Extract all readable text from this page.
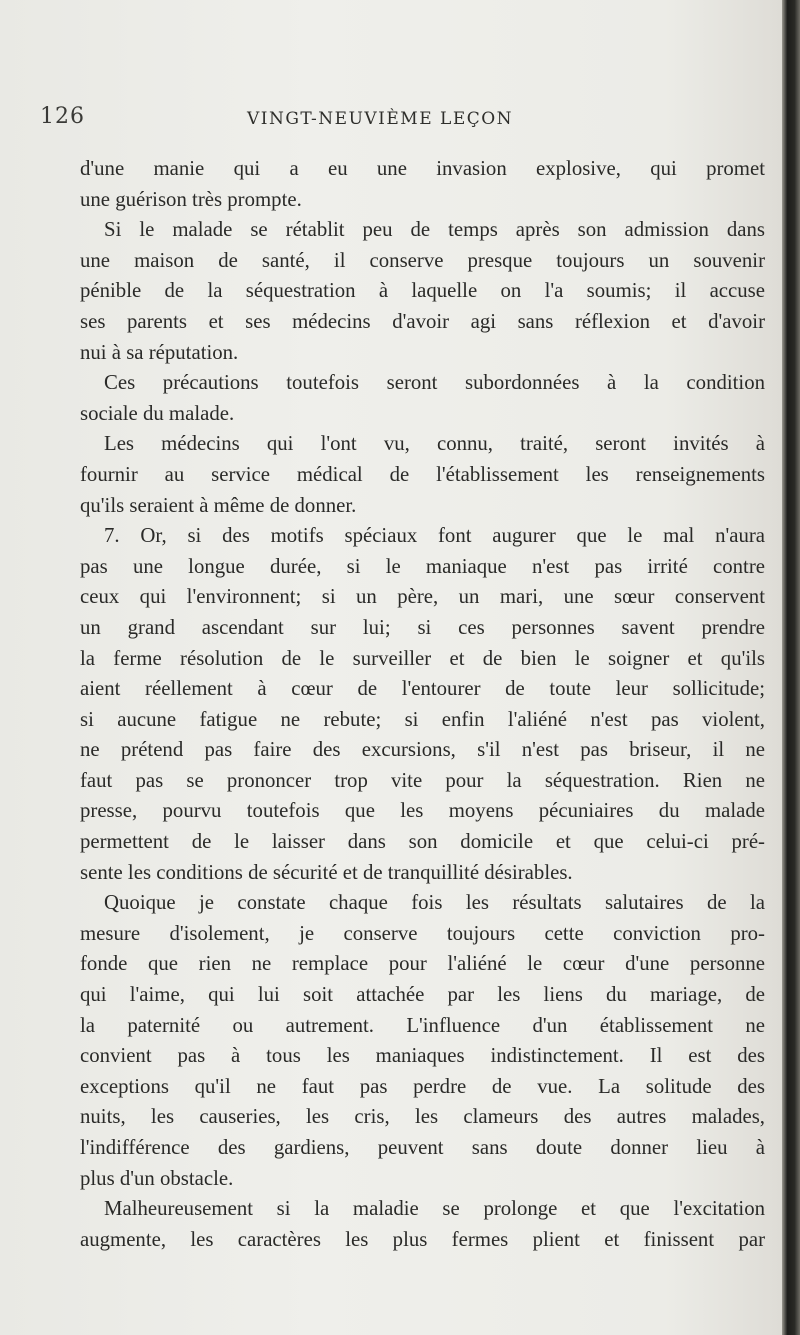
126	VINGT-NEUVIÈME LEÇON

d'une manie qui a eu une invasion explosive, qui promet
une guérison très prompte.

Si le malade se rétablit peu de temps après son admission dans
une maison de santé, il conserve presque toujours un souvenir
pénible de la séquestration à laquelle on l'a soumis; il accuse
ses parents et ses médecins d'avoir agi sans réflexion et d'avoir
nui à sa réputation.

Ces précautions toutefois seront subordonnées à la condition
sociale du malade.

Les médecins qui l'ont vu, connu, traité, seront invités à
fournir au service médical de l'établissement les renseignements
qu'ils seraient à même de donner.

7. Or, si des motifs spéciaux font augurer que le mal n'aura
pas une longue durée, si le maniaque n'est pas irrité contre
ceux qui l'environnent; si un père, un mari, une sœur conservent
un grand ascendant sur lui; si ces personnes savent prendre
la ferme résolution de le surveiller et de bien le soigner et qu'ils
aient réellement à cœur de l'entourer de toute leur sollicitude;
si aucune fatigue ne rebute; si enfin l'aliéné n'est pas violent,
ne prétend pas faire des excursions, s'il n'est pas briseur, il ne
faut pas se prononcer trop vite pour la séquestration. Rien ne
presse, pourvu toutefois que les moyens pécuniaires du malade
permettent de le laisser dans son domicile et que celui-ci pré-
sente les conditions de sécurité et de tranquillité désirables.

Quoique je constate chaque fois les résultats salutaires de la
mesure d'isolement, je conserve toujours cette conviction pro-
fonde que rien ne remplace pour l'aliéné le cœur d'une personne
qui l'aime, qui lui soit attachée par les liens du mariage, de
la paternité ou autrement. L'influence d'un établissement ne
convient pas à tous les maniaques indistinctement. Il est des
exceptions qu'il ne faut pas perdre de vue. La solitude des
nuits, les causeries, les cris, les clameurs des autres malades,
l'indifférence des gardiens, peuvent sans doute donner lieu à
plus d'un obstacle.

Malheureusement si la maladie se prolonge et que l'excitation
augmente, les caractères les plus fermes plient et finissent par
